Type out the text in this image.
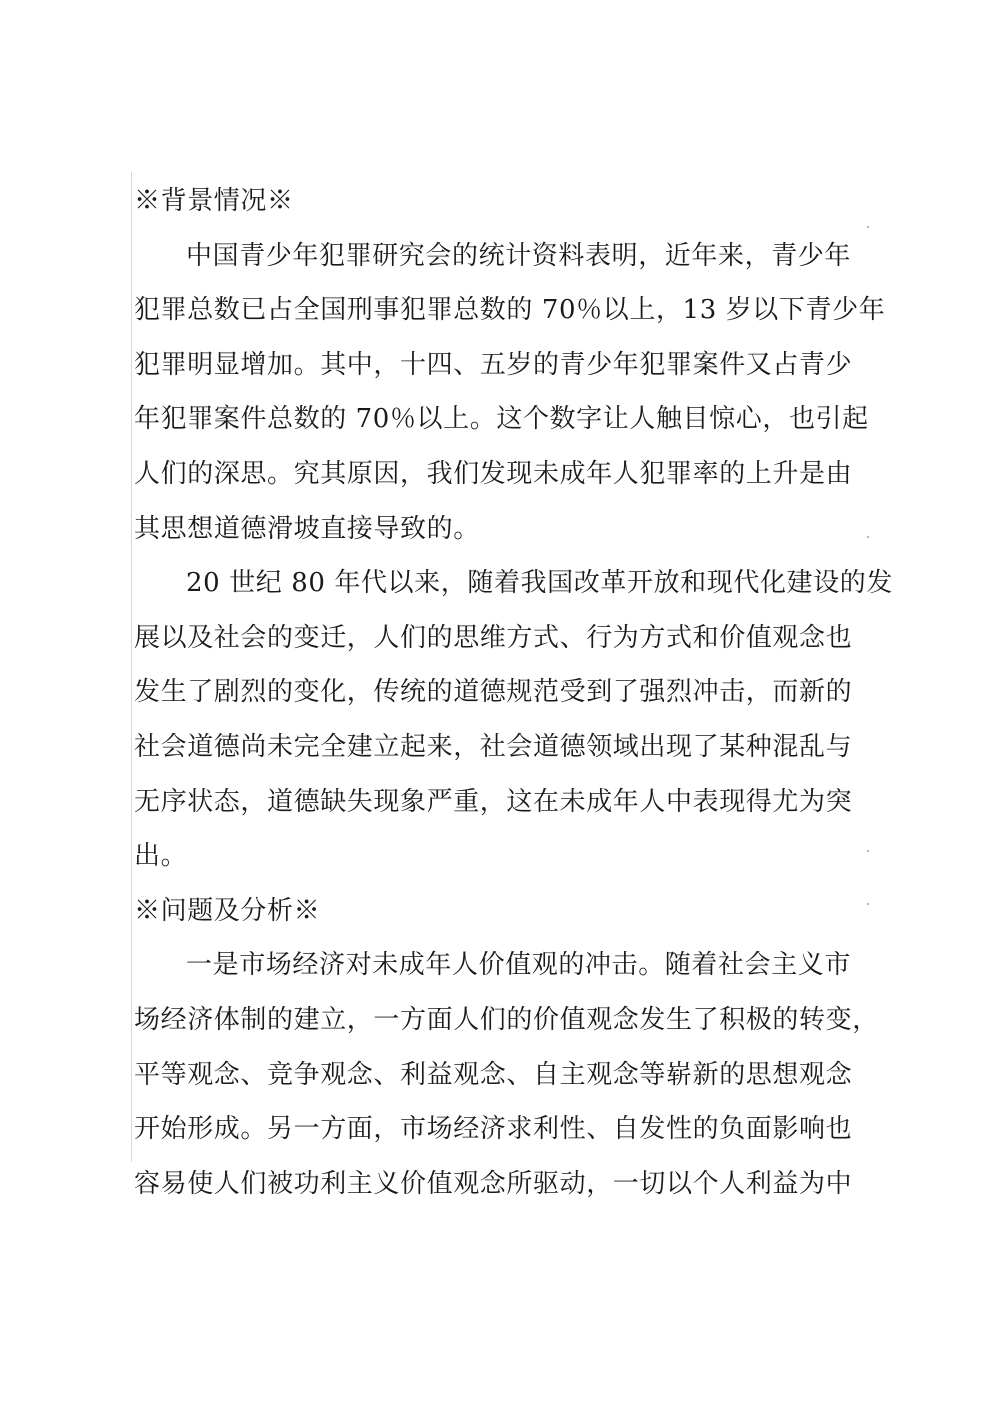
※背景情况※
中国青少年犯罪研究会的统计资料表明，近年来，青少年
犯罪总数已占全国刑事犯罪总数的 70％以上，13 岁以下青少年
犯罪明显增加。其中，十四、五岁的青少年犯罪案件又占青少
年犯罪案件总数的 70％以上。这个数字让人触目惊心，也引起
人们的深思。究其原因，我们发现未成年人犯罪率的上升是由
其思想道德滑坡直接导致的。
20 世纪 80 年代以来，随着我国改革开放和现代化建设的发
展以及社会的变迁，人们的思维方式、行为方式和价值观念也
发生了剧烈的变化，传统的道德规范受到了强烈冲击，而新的
社会道德尚未完全建立起来，社会道德领域出现了某种混乱与
无序状态，道德缺失现象严重，这在未成年人中表现得尤为突
出。
※问题及分析※
一是市场经济对未成年人价值观的冲击。随着社会主义市
场经济体制的建立，一方面人们的价值观念发生了积极的转变，
平等观念、竞争观念、利益观念、自主观念等崭新的思想观念
开始形成。另一方面，市场经济求利性、自发性的负面影响也
容易使人们被功利主义价值观念所驱动，一切以个人利益为中
